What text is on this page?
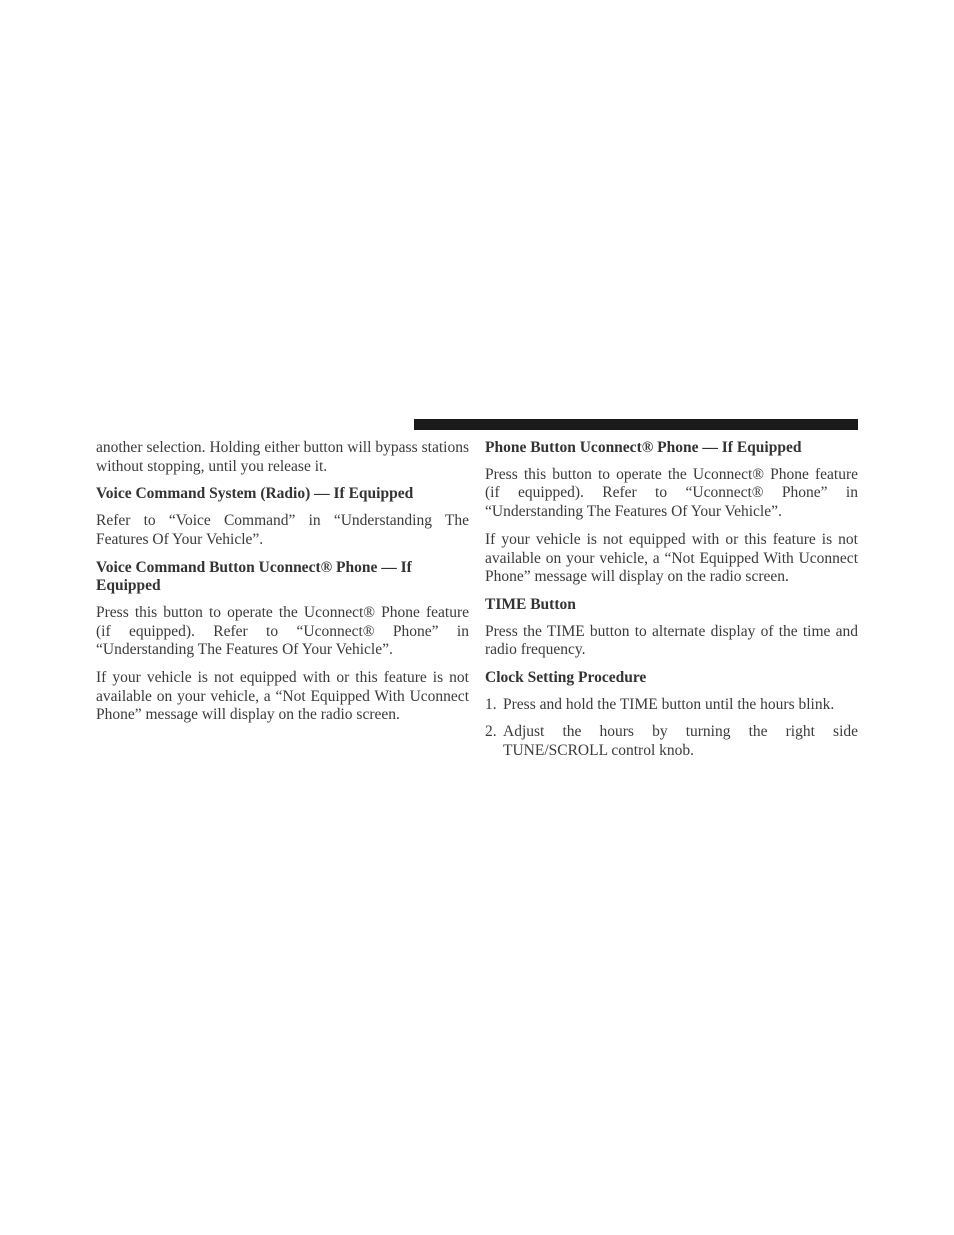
another selection. Holding either button will bypass stations without stopping, until you release it.

Voice Command System (Radio) — If Equipped

Refer to “Voice Command” in “Understanding The Features Of Your Vehicle”.

Voice Command Button Uconnect® Phone — If Equipped

Press this button to operate the Uconnect® Phone feature (if equipped). Refer to “Uconnect® Phone” in “Understanding The Features Of Your Vehicle”.

If your vehicle is not equipped with or this feature is not available on your vehicle, a “Not Equipped With Uconnect Phone” message will display on the radio screen.

Phone Button Uconnect® Phone — If Equipped

Press this button to operate the Uconnect® Phone feature (if equipped). Refer to “Uconnect® Phone” in “Understanding The Features Of Your Vehicle”.

If your vehicle is not equipped with or this feature is not available on your vehicle, a “Not Equipped With Uconnect Phone” message will display on the radio screen.

TIME Button

Press the TIME button to alternate display of the time and radio frequency.

Clock Setting Procedure
1. Press and hold the TIME button until the hours blink.
2. Adjust the hours by turning the right side TUNE/SCROLL control knob.
